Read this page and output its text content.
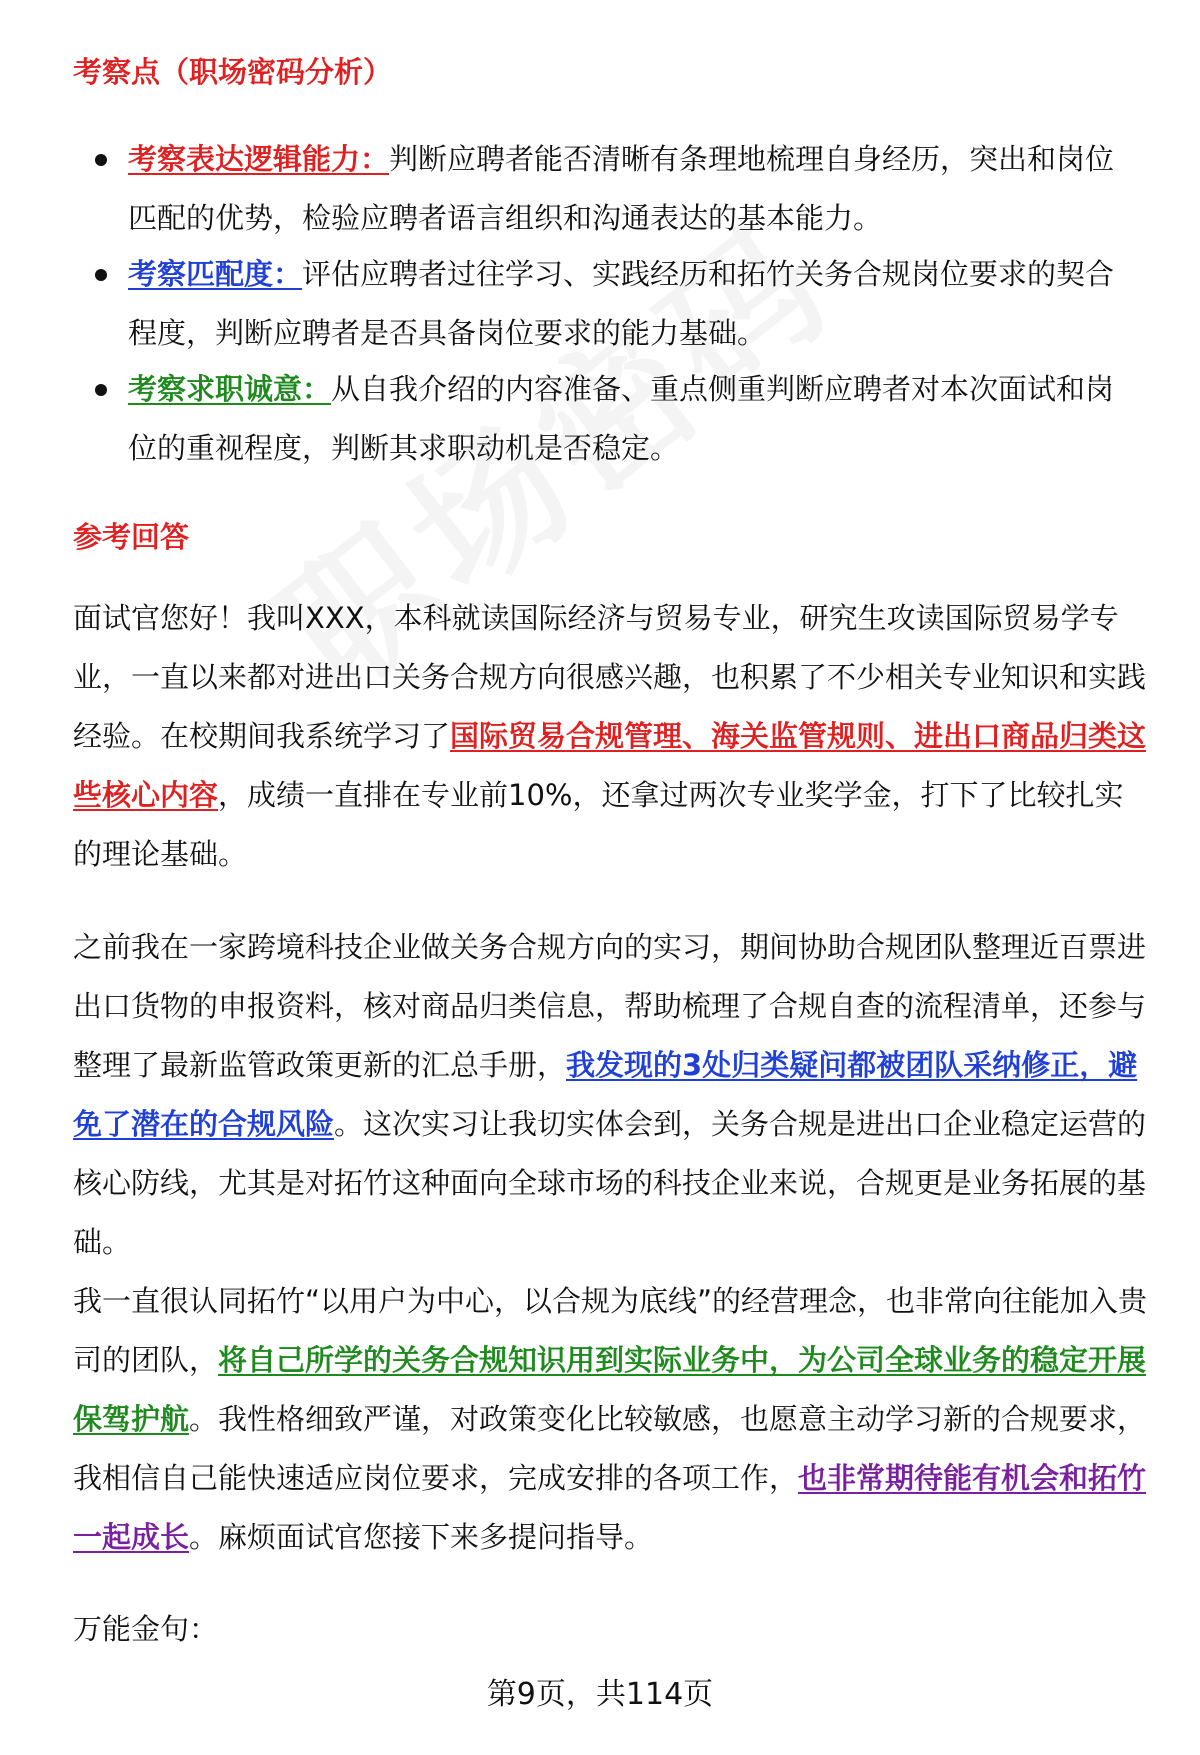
考察点（职场密码分析）
考察表达逻辑能力：判断应聘者能否清晰有条理地梳理自身经历，突出和岗位匹配的优势，检验应聘者语言组织和沟通表达的基本能力。
考察匹配度：评估应聘者过往学习、实践经历和拓竹关务合规岗位要求的契合程度，判断应聘者是否具备岗位要求的能力基础。
考察求职诚意：从自我介绍的内容准备、重点侧重判断应聘者对本次面试和岗位的重视程度，判断其求职动机是否稳定。
参考回答

面试官您好！我叫XXX，本科就读国际经济与贸易专业，研究生攻读国际贸易学专业，一直以来都对进出口关务合规方向很感兴趣，也积累了不少相关专业知识和实践经验。在校期间我系统学习了国际贸易合规管理、海关监管规则、进出口商品归类这些核心内容，成绩一直排在专业前10%，还拿过两次专业奖学金，打下了比较扎实的理论基础。

之前我在一家跨境科技企业做关务合规方向的实习，期间协助合规团队整理近百票进出口货物的申报资料，核对商品归类信息，帮助梳理了合规自查的流程清单，还参与整理了最新监管政策更新的汇总手册，我发现的3处归类疑问都被团队采纳修正，避免了潜在的合规风险。这次实习让我切实体会到，关务合规是进出口企业稳定运营的核心防线，尤其是对拓竹这种面向全球市场的科技企业来说，合规更是业务拓展的基础。

我一直很认同拓竹“以用户为中心，以合规为底线”的经营理念，也非常向往能加入贵司的团队，将自己所学的关务合规知识用到实际业务中，为公司全球业务的稳定开展保驾护航。我性格细致严谨，对政策变化比较敏感，也愿意主动学习新的合规要求，我相信自己能快速适应岗位要求，完成安排的各项工作，也非常期待能有机会和拓竹一起成长。麻烦面试官您接下来多提问指导。

万能金句：

第9页，共114页
